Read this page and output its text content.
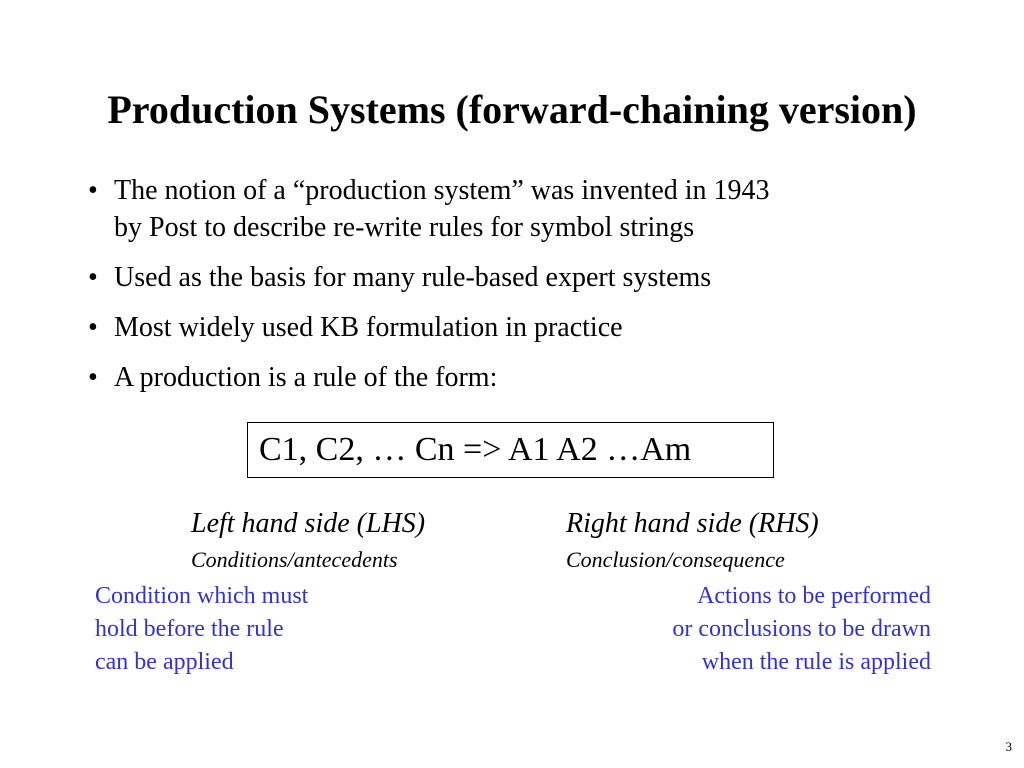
Production Systems (forward-chaining version)
• The notion of a “production system” was invented in 1943
by Post to describe re-write rules for symbol strings
• Used as the basis for many rule-based expert systems
• Most widely used KB formulation in practice
• A production is a rule of the form:
C1, C2, … Cn => A1 A2 …Am
Left hand side (LHS)
Conditions/antecedents
Right hand side (RHS)
Conclusion/consequence
Condition which must
hold before the rule
can be applied
Actions to be performed
or conclusions to be drawn
when the rule is applied
3
